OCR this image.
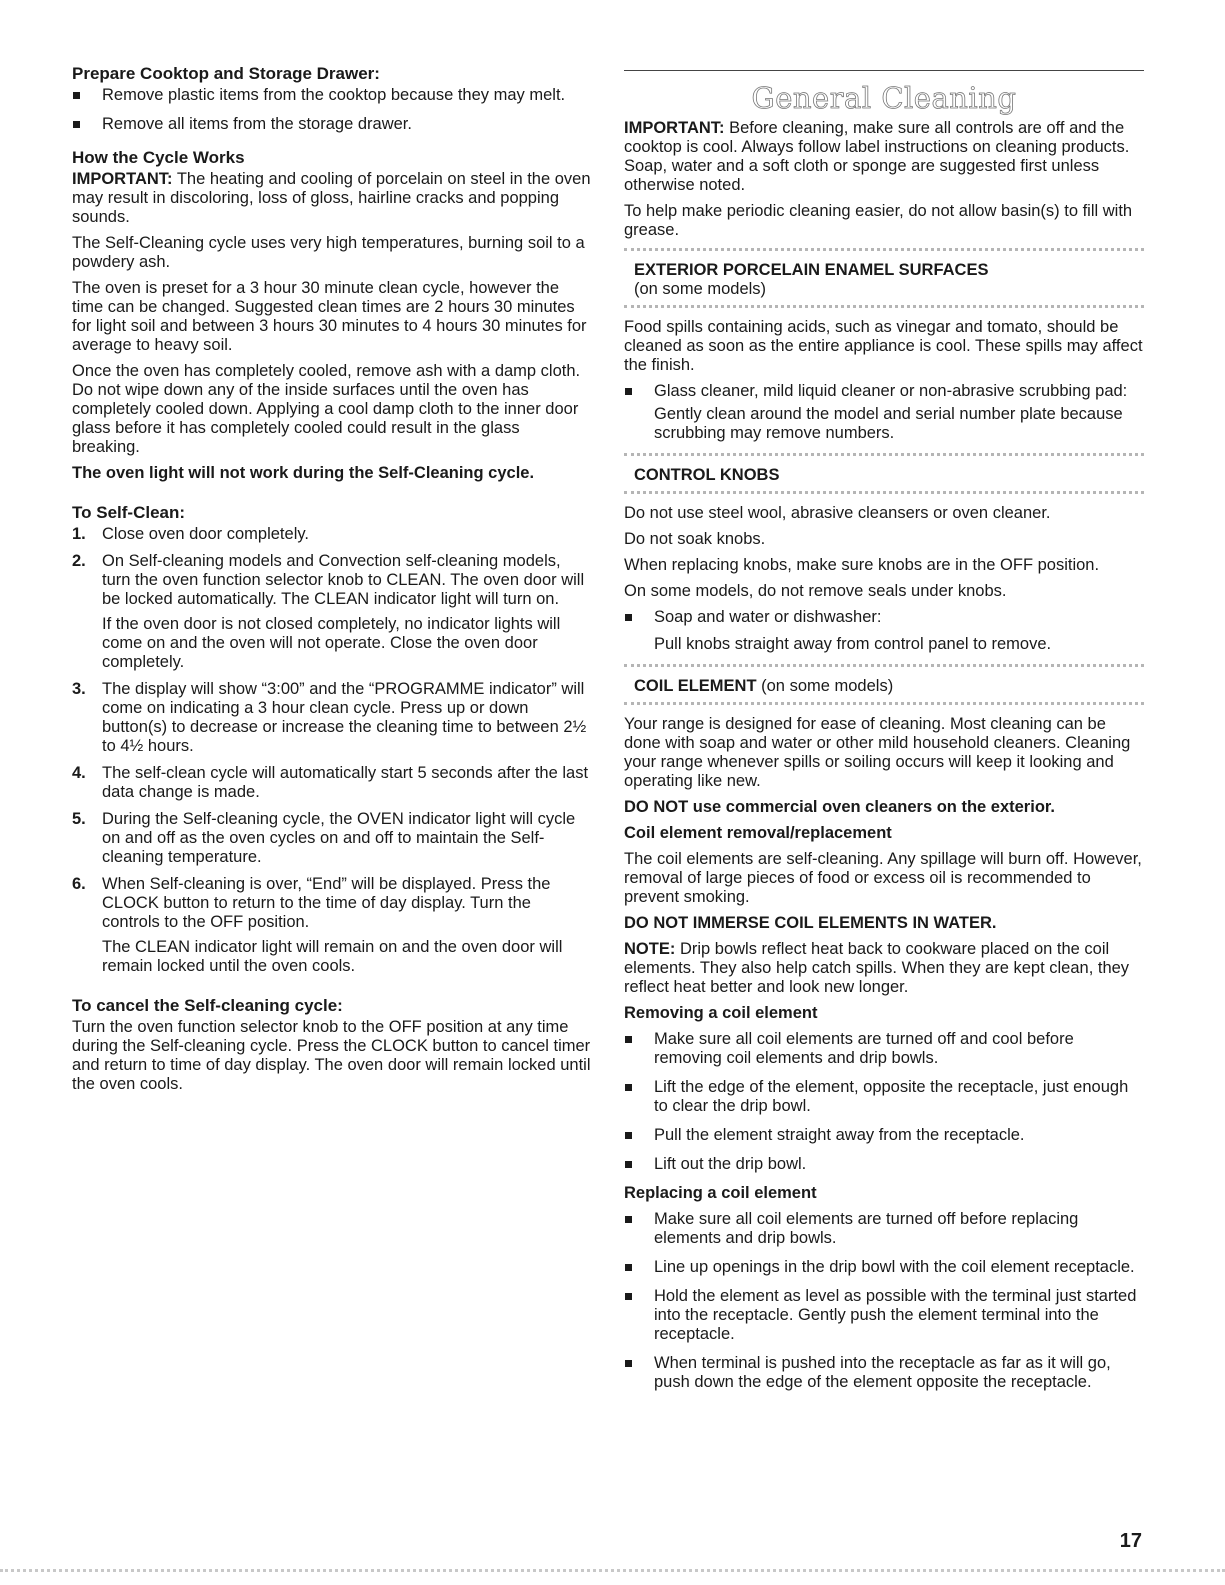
Prepare Cooktop and Storage Drawer:
Remove plastic items from the cooktop because they may melt.
Remove all items from the storage drawer.
How the Cycle Works

IMPORTANT: The heating and cooling of porcelain on steel in the oven may result in discoloring, loss of gloss, hairline cracks and popping sounds.

The Self-Cleaning cycle uses very high temperatures, burning soil to a powdery ash.

The oven is preset for a 3 hour 30 minute clean cycle, however the time can be changed. Suggested clean times are 2 hours 30 minutes for light soil and between 3 hours 30 minutes to 4 hours 30 minutes for average to heavy soil.

Once the oven has completely cooled, remove ash with a damp cloth. Do not wipe down any of the inside surfaces until the oven has completely cooled down. Applying a cool damp cloth to the inner door glass before it has completely cooled could result in the glass breaking.

The oven light will not work during the Self-Cleaning cycle.

To Self-Clean:
1. Close oven door completely.
2. On Self-cleaning models and Convection self-cleaning models, turn the oven function selector knob to CLEAN. The oven door will be locked automatically. The CLEAN indicator light will turn on.
If the oven door is not closed completely, no indicator lights will come on and the oven will not operate. Close the oven door completely.
3. The display will show “3:00” and the “PROGRAMME indicator” will come on indicating a 3 hour clean cycle. Press up or down button(s) to decrease or increase the cleaning time to between 2½ to 4½ hours.
4. The self-clean cycle will automatically start 5 seconds after the last data change is made.
5. During the Self-cleaning cycle, the OVEN indicator light will cycle on and off as the oven cycles on and off to maintain the Self-cleaning temperature.
6. When Self-cleaning is over, “End” will be displayed. Press the CLOCK button to return to the time of day display. Turn the controls to the OFF position.
The CLEAN indicator light will remain on and the oven door will remain locked until the oven cools.
To cancel the Self-cleaning cycle:

Turn the oven function selector knob to the OFF position at any time during the Self-cleaning cycle. Press the CLOCK button to cancel timer and return to time of day display. The oven door will remain locked until the oven cools.

General Cleaning

IMPORTANT: Before cleaning, make sure all controls are off and the cooktop is cool. Always follow label instructions on cleaning products. Soap, water and a soft cloth or sponge are suggested first unless otherwise noted.

To help make periodic cleaning easier, do not allow basin(s) to fill with grease.

EXTERIOR PORCELAIN ENAMEL SURFACES
(on some models)

Food spills containing acids, such as vinegar and tomato, should be cleaned as soon as the entire appliance is cool. These spills may affect the finish.

Glass cleaner, mild liquid cleaner or non-abrasive scrubbing pad:
Gently clean around the model and serial number plate because scrubbing may remove numbers.
CONTROL KNOBS

Do not use steel wool, abrasive cleansers or oven cleaner.

Do not soak knobs.

When replacing knobs, make sure knobs are in the OFF position.

On some models, do not remove seals under knobs.

Soap and water or dishwasher:
Pull knobs straight away from control panel to remove.
COIL ELEMENT (on some models)

Your range is designed for ease of cleaning. Most cleaning can be done with soap and water or other mild household cleaners. Cleaning your range whenever spills or soiling occurs will keep it looking and operating like new.

DO NOT use commercial oven cleaners on the exterior.

Coil element removal/replacement

The coil elements are self-cleaning. Any spillage will burn off. However, removal of large pieces of food or excess oil is recommended to prevent smoking.

DO NOT IMMERSE COIL ELEMENTS IN WATER.

NOTE: Drip bowls reflect heat back to cookware placed on the coil elements. They also help catch spills. When they are kept clean, they reflect heat better and look new longer.

Removing a coil element

Make sure all coil elements are turned off and cool before removing coil elements and drip bowls.
Lift the edge of the element, opposite the receptacle, just enough to clear the drip bowl.
Pull the element straight away from the receptacle.
Lift out the drip bowl.

Replacing a coil element

Make sure all coil elements are turned off before replacing elements and drip bowls.
Line up openings in the drip bowl with the coil element receptacle.
Hold the element as level as possible with the terminal just started into the receptacle. Gently push the element terminal into the receptacle.
When terminal is pushed into the receptacle as far as it will go, push down the edge of the element opposite the receptacle.
17
